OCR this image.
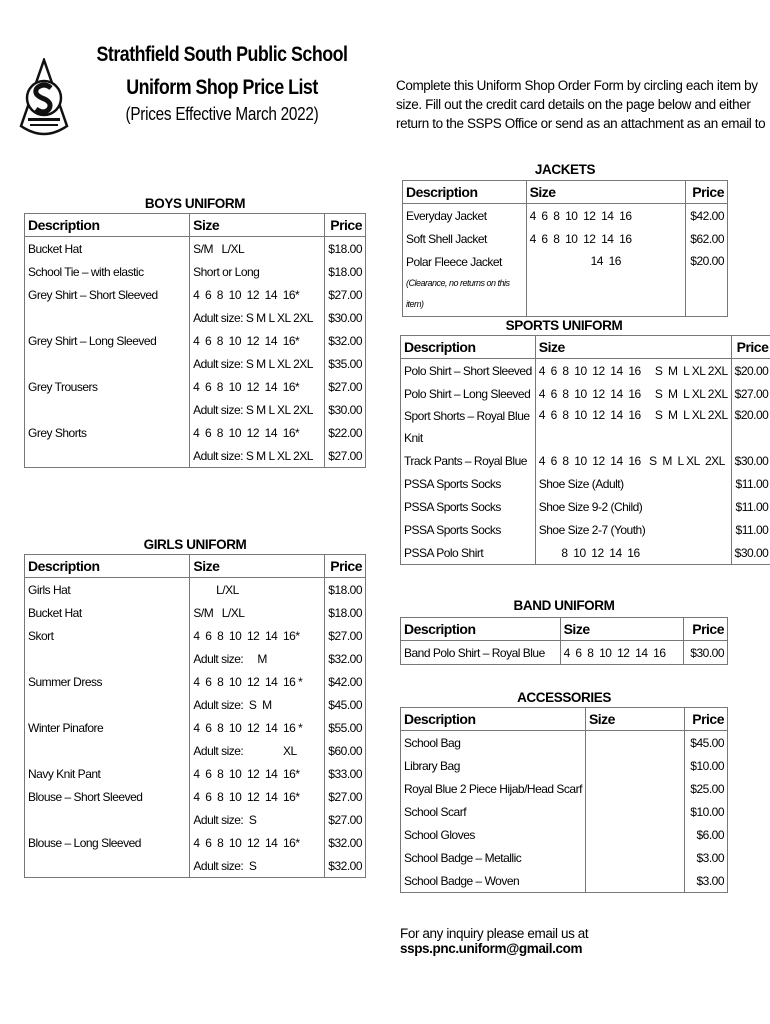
Strathfield South Public School
Uniform Shop Price List
(Prices Effective March 2022)
Complete this Uniform Shop Order Form by circling each item by size. Fill out the credit card details on the page below and either return to the SSPS Office or send as an attachment as an email to
BOYS UNIFORM
Description	Size	Price
Bucket Hat	S/M   L/XL	$18.00
School Tie – with elastic	Short or Long	$18.00
Grey Shirt – Short Sleeved	4  6  8  10  12  14  16*	$27.00
	Adult size: S M L XL 2XL	$30.00
Grey Shirt – Long Sleeved	4  6  8  10  12  14  16*	$32.00
	Adult size: S M L XL 2XL	$35.00
Grey Trousers	4  6  8  10  12  14  16*	$27.00
	Adult size: S M L XL 2XL	$30.00
Grey Shorts	4  6  8  10  12  14  16*	$22.00
	Adult size: S M L XL 2XL	$27.00
GIRLS UNIFORM
Description	Size	Price
Girls Hat	L/XL	$18.00
Bucket Hat	S/M   L/XL	$18.00
Skort	4  6  8  10  12  14  16*	$27.00
	Adult size:     M	$32.00
Summer Dress	4  6  8  10  12  14  16 *	$42.00
	Adult size:  S  M	$45.00
Winter Pinafore	4  6  8  10  12  14  16 *	$55.00
	Adult size:              XL	$60.00
Navy Knit Pant	4  6  8  10  12  14  16*	$33.00
Blouse – Short Sleeved	4  6  8  10  12  14  16*	$27.00
	Adult size:  S	$27.00
Blouse – Long Sleeved	4  6  8  10  12  14  16*	$32.00
	Adult size:  S	$32.00
JACKETS
Description	Size	Price
Everyday Jacket	4  6  8  10  12  14  16	$42.00
Soft Shell Jacket	4  6  8  10  12  14  16	$62.00
Polar Fleece Jacket (Clearance, no returns on this item)	14  16	$20.00
SPORTS UNIFORM
Description	Size	Price
Polo Shirt – Short Sleeved	4  6  8  10  12  14  16     S  M  L XL 2XL	$20.00
Polo Shirt – Long Sleeved	4  6  8  10  12  14  16     S  M  L XL 2XL	$27.00
Sport Shorts – Royal Blue
Knit	4  6  8  10  12  14  16     S  M  L XL 2XL	$20.00
Track Pants – Royal Blue	4  6  8  10  12  14  16   S  M  L XL  2XL	$30.00
PSSA Sports Socks	Shoe Size (Adult)	$11.00
PSSA Sports Socks	Shoe Size 9-2 (Child)	$11.00
PSSA Sports Socks	Shoe Size 2-7 (Youth)	$11.00
PSSA Polo Shirt	8  10  12  14  16	$30.00
BAND UNIFORM
Description	Size	Price
Band Polo Shirt – Royal Blue	4  6  8  10  12  14  16	$30.00
ACCESSORIES
Description	Size	Price
School Bag		$45.00
Library Bag		$10.00
Royal Blue 2 Piece Hijab/Head Scarf		$25.00
School Scarf		$10.00
School Gloves		$6.00
School Badge – Metallic		$3.00
School Badge – Woven		$3.00
For any inquiry please email us at ssps.pnc.uniform@gmail.com
